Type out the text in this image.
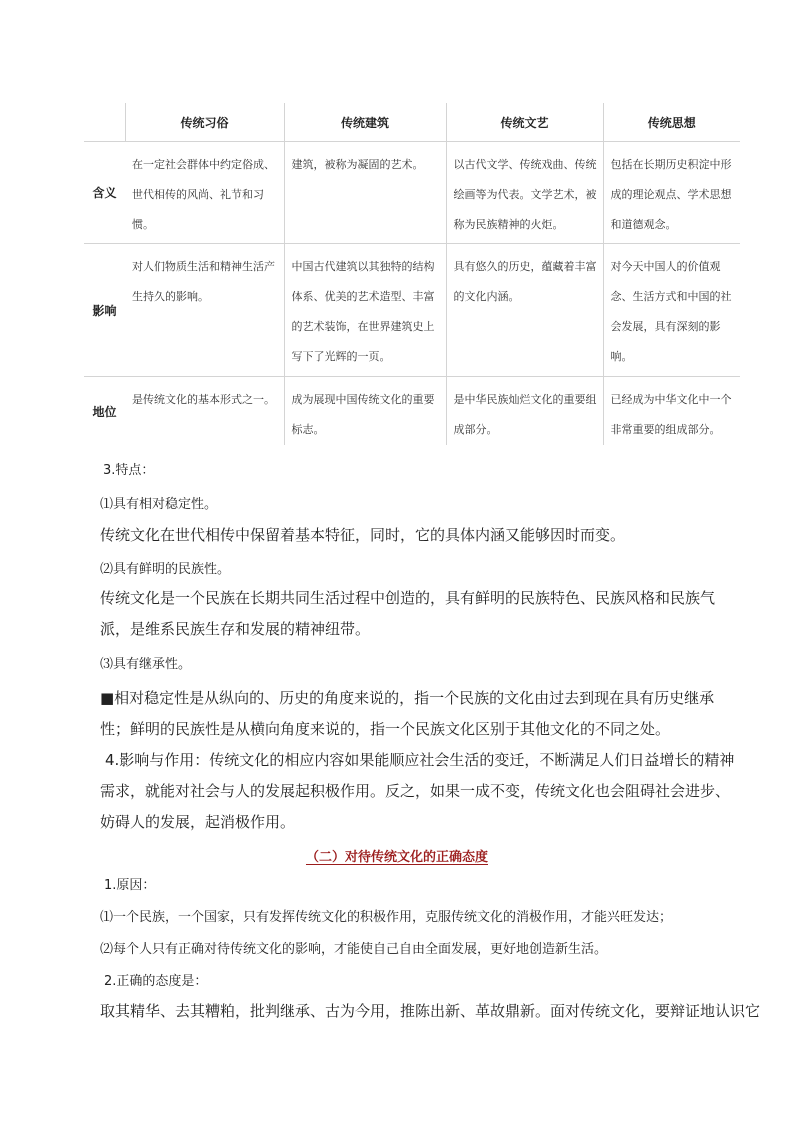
	传统习俗	传统建筑	传统文艺	传统思想
含义	在一定社会群体中约定俗成、世代相传的风尚、礼节和习惯。	建筑，被称为凝固的艺术。	以古代文学、传统戏曲、传统绘画等为代表。文学艺术，被称为民族精神的火炬。	包括在长期历史积淀中形成的理论观点、学术思想和道德观念。
影响	对人们物质生活和精神生活产生持久的影响。	中国古代建筑以其独特的结构体系、优美的艺术造型、丰富的艺术装饰，在世界建筑史上写下了光辉的一页。	具有悠久的历史，蕴藏着丰富的文化内涵。	对今天中国人的价值观念、生活方式和中国的社会发展，具有深刻的影响。
地位	是传统文化的基本形式之一。	成为展现中国传统文化的重要标志。	是中华民族灿烂文化的重要组成部分。	已经成为中华文化中一个非常重要的组成部分。

3.特点：

⑴具有相对稳定性。

传统文化在世代相传中保留着基本特征，同时，它的具体内涵又能够因时而变。

⑵具有鲜明的民族性。

传统文化是一个民族在长期共同生活过程中创造的，具有鲜明的民族特色、民族风格和民族气派，是维系民族生存和发展的精神纽带。

⑶具有继承性。

■相对稳定性是从纵向的、历史的角度来说的，指一个民族的文化由过去到现在具有历史继承性；鲜明的民族性是从横向角度来说的，指一个民族文化区别于其他文化的不同之处。

4.影响与作用：传统文化的相应内容如果能顺应社会生活的变迁，不断满足人们日益增长的精神需求，就能对社会与人的发展起积极作用。反之，如果一成不变，传统文化也会阻碍社会进步、妨碍人的发展，起消极作用。

（二）对待传统文化的正确态度

1.原因：

⑴一个民族，一个国家，只有发挥传统文化的积极作用，克服传统文化的消极作用，才能兴旺发达；

⑵每个人只有正确对待传统文化的影响，才能使自己自由全面发展，更好地创造新生活。

2.正确的态度是：

取其精华、去其糟粕，批判继承、古为今用，推陈出新、革故鼎新。面对传统文化，要辩证地认识它
